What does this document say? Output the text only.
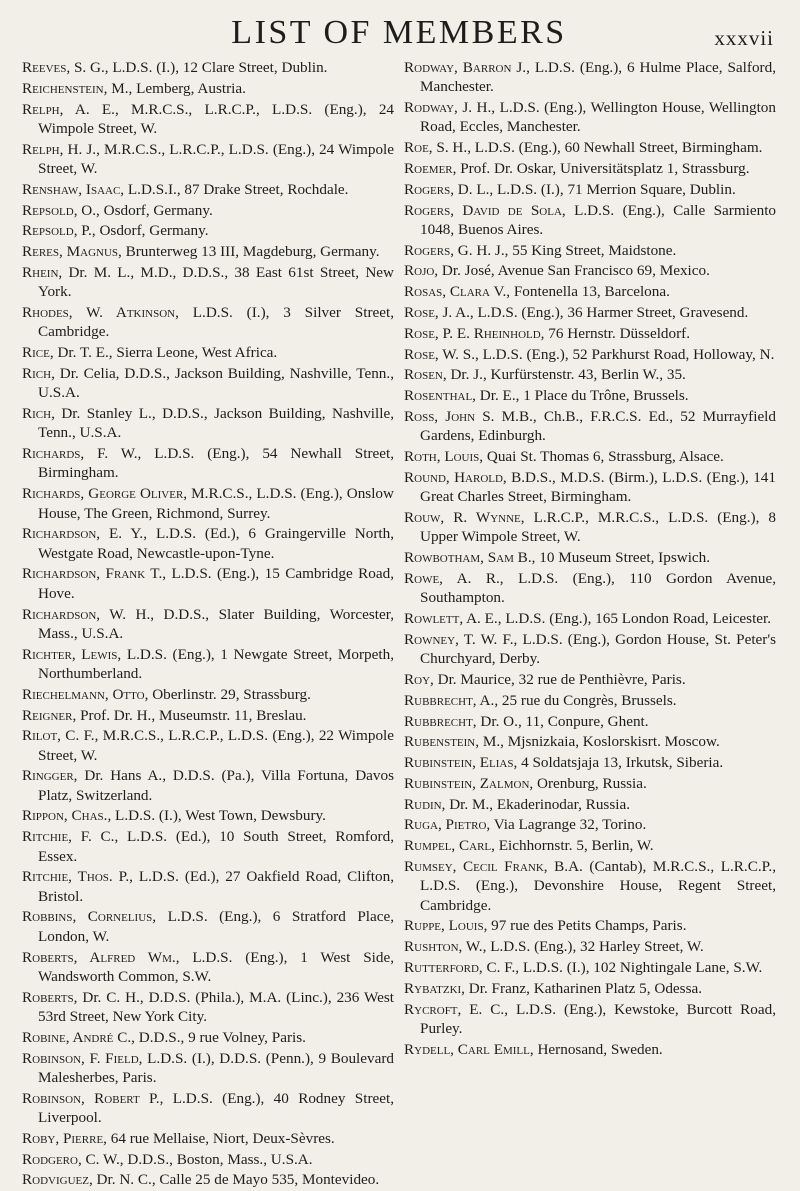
LIST OF MEMBERS	xxxvii

Reeves, S. G., L.D.S. (I.), 12 Clare Street, Dublin.

Reichenstein, M., Lemberg, Austria.

Relph, A. E., M.R.C.S., L.R.C.P., L.D.S. (Eng.), 24 Wimpole Street, W.

Relph, H. J., M.R.C.S., L.R.C.P., L.D.S. (Eng.), 24 Wimpole Street, W.

Renshaw, Isaac, L.D.S.I., 87 Drake Street, Rochdale.

Repsold, O., Osdorf, Germany.

Repsold, P., Osdorf, Germany.

Reres, Magnus, Brunterweg 13 III, Magdeburg, Germany.

Rhein, Dr. M. L., M.D., D.D.S., 38 East 61st Street, New York.

Rhodes, W. Atkinson, L.D.S. (I.), 3 Silver Street, Cambridge.

Rice, Dr. T. E., Sierra Leone, West Africa.

Rich, Dr. Celia, D.D.S., Jackson Building, Nashville, Tenn., U.S.A.

Rich, Dr. Stanley L., D.D.S., Jackson Building, Nashville, Tenn., U.S.A.

Richards, F. W., L.D.S. (Eng.), 54 Newhall Street, Birmingham.

Richards, George Oliver, M.R.C.S., L.D.S. (Eng.), Onslow House, The Green, Richmond, Surrey.

Richardson, E. Y., L.D.S. (Ed.), 6 Graingerville North, Westgate Road, Newcastle-upon-Tyne.

Richardson, Frank T., L.D.S. (Eng.), 15 Cambridge Road, Hove.

Richardson, W. H., D.D.S., Slater Building, Worcester, Mass., U.S.A.

Richter, Lewis, L.D.S. (Eng.), 1 Newgate Street, Morpeth, Northumberland.

Riechelmann, Otto, Oberlinstr. 29, Strassburg.

Reigner, Prof. Dr. H., Museumstr. 11, Breslau.

Rilot, C. F., M.R.C.S., L.R.C.P., L.D.S. (Eng.), 22 Wimpole Street, W.

Ringger, Dr. Hans A., D.D.S. (Pa.), Villa Fortuna, Davos Platz, Switzerland.

Rippon, Chas., L.D.S. (I.), West Town, Dewsbury.

Ritchie, F. C., L.D.S. (Ed.), 10 South Street, Romford, Essex.

Ritchie, Thos. P., L.D.S. (Ed.), 27 Oakfield Road, Clifton, Bristol.

Robbins, Cornelius, L.D.S. (Eng.), 6 Stratford Place, London, W.

Roberts, Alfred Wm., L.D.S. (Eng.), 1 West Side, Wandsworth Common, S.W.

Roberts, Dr. C. H., D.D.S. (Phila.), M.A. (Linc.), 236 West 53rd Street, New York City.

Robine, André C., D.D.S., 9 rue Volney, Paris.

Robinson, F. Field, L.D.S. (I.), D.D.S. (Penn.), 9 Boulevard Malesherbes, Paris.

Robinson, Robert P., L.D.S. (Eng.), 40 Rodney Street, Liverpool.

Roby, Pierre, 64 rue Mellaise, Niort, Deux-Sèvres.

Rodgero, C. W., D.D.S., Boston, Mass., U.S.A.

Rodviguez, Dr. N. C., Calle 25 de Mayo 535, Montevideo.

Rodway, Barron J., L.D.S. (Eng.), 6 Hulme Place, Salford, Manchester.

Rodway, J. H., L.D.S. (Eng.), Wellington House, Wellington Road, Eccles, Manchester.

Roe, S. H., L.D.S. (Eng.), 60 Newhall Street, Birmingham.

Roemer, Prof. Dr. Oskar, Universitätsplatz 1, Strassburg.

Rogers, D. L., L.D.S. (I.), 71 Merrion Square, Dublin.

Rogers, David de Sola, L.D.S. (Eng.), Calle Sarmiento 1048, Buenos Aires.

Rogers, G. H. J., 55 King Street, Maidstone.

Rojo, Dr. José, Avenue San Francisco 69, Mexico.

Rosas, Clara V., Fontenella 13, Barcelona.

Rose, J. A., L.D.S. (Eng.), 36 Harmer Street, Gravesend.

Rose, P. E. Rheinhold, 76 Hernstr. Düsseldorf.

Rose, W. S., L.D.S. (Eng.), 52 Parkhurst Road, Holloway, N.

Rosen, Dr. J., Kurfürstenstr. 43, Berlin W., 35.

Rosenthal, Dr. E., 1 Place du Trône, Brussels.

Ross, John S. M.B., Ch.B., F.R.C.S. Ed., 52 Murrayfield Gardens, Edinburgh.

Roth, Louis, Quai St. Thomas 6, Strassburg, Alsace.

Round, Harold, B.D.S., M.D.S. (Birm.), L.D.S. (Eng.), 141 Great Charles Street, Birmingham.

Rouw, R. Wynne, L.R.C.P., M.R.C.S., L.D.S. (Eng.), 8 Upper Wimpole Street, W.

Rowbotham, Sam B., 10 Museum Street, Ipswich.

Rowe, A. R., L.D.S. (Eng.), 110 Gordon Avenue, Southampton.

Rowlett, A. E., L.D.S. (Eng.), 165 London Road, Leicester.

Rowney, T. W. F., L.D.S. (Eng.), Gordon House, St. Peter's Churchyard, Derby.

Roy, Dr. Maurice, 32 rue de Penthièvre, Paris.

Rubbrecht, A., 25 rue du Congrès, Brussels.

Rubbrecht, Dr. O., 11, Conpure, Ghent.

Rubenstein, M., Mjsnizkaia, Koslorskisrt. Moscow.

Rubinstein, Elias, 4 Soldatsjaja 13, Irkutsk, Siberia.

Rubinstein, Zalmon, Orenburg, Russia.

Rudin, Dr. M., Ekaderinodar, Russia.

Ruga, Pietro, Via Lagrange 32, Torino.

Rumpel, Carl, Eichhornstr. 5, Berlin, W.

Rumsey, Cecil Frank, B.A. (Cantab), M.R.C.S., L.R.C.P., L.D.S. (Eng.), Devonshire House, Regent Street, Cambridge.

Ruppe, Louis, 97 rue des Petits Champs, Paris.

Rushton, W., L.D.S. (Eng.), 32 Harley Street, W.

Rutterford, C. F., L.D.S. (I.), 102 Nightingale Lane, S.W.

Rybatzki, Dr. Franz, Katharinen Platz 5, Odessa.

Rycroft, E. C., L.D.S. (Eng.), Kewstoke, Burcott Road, Purley.

Rydell, Carl Emill, Hernosand, Sweden.
